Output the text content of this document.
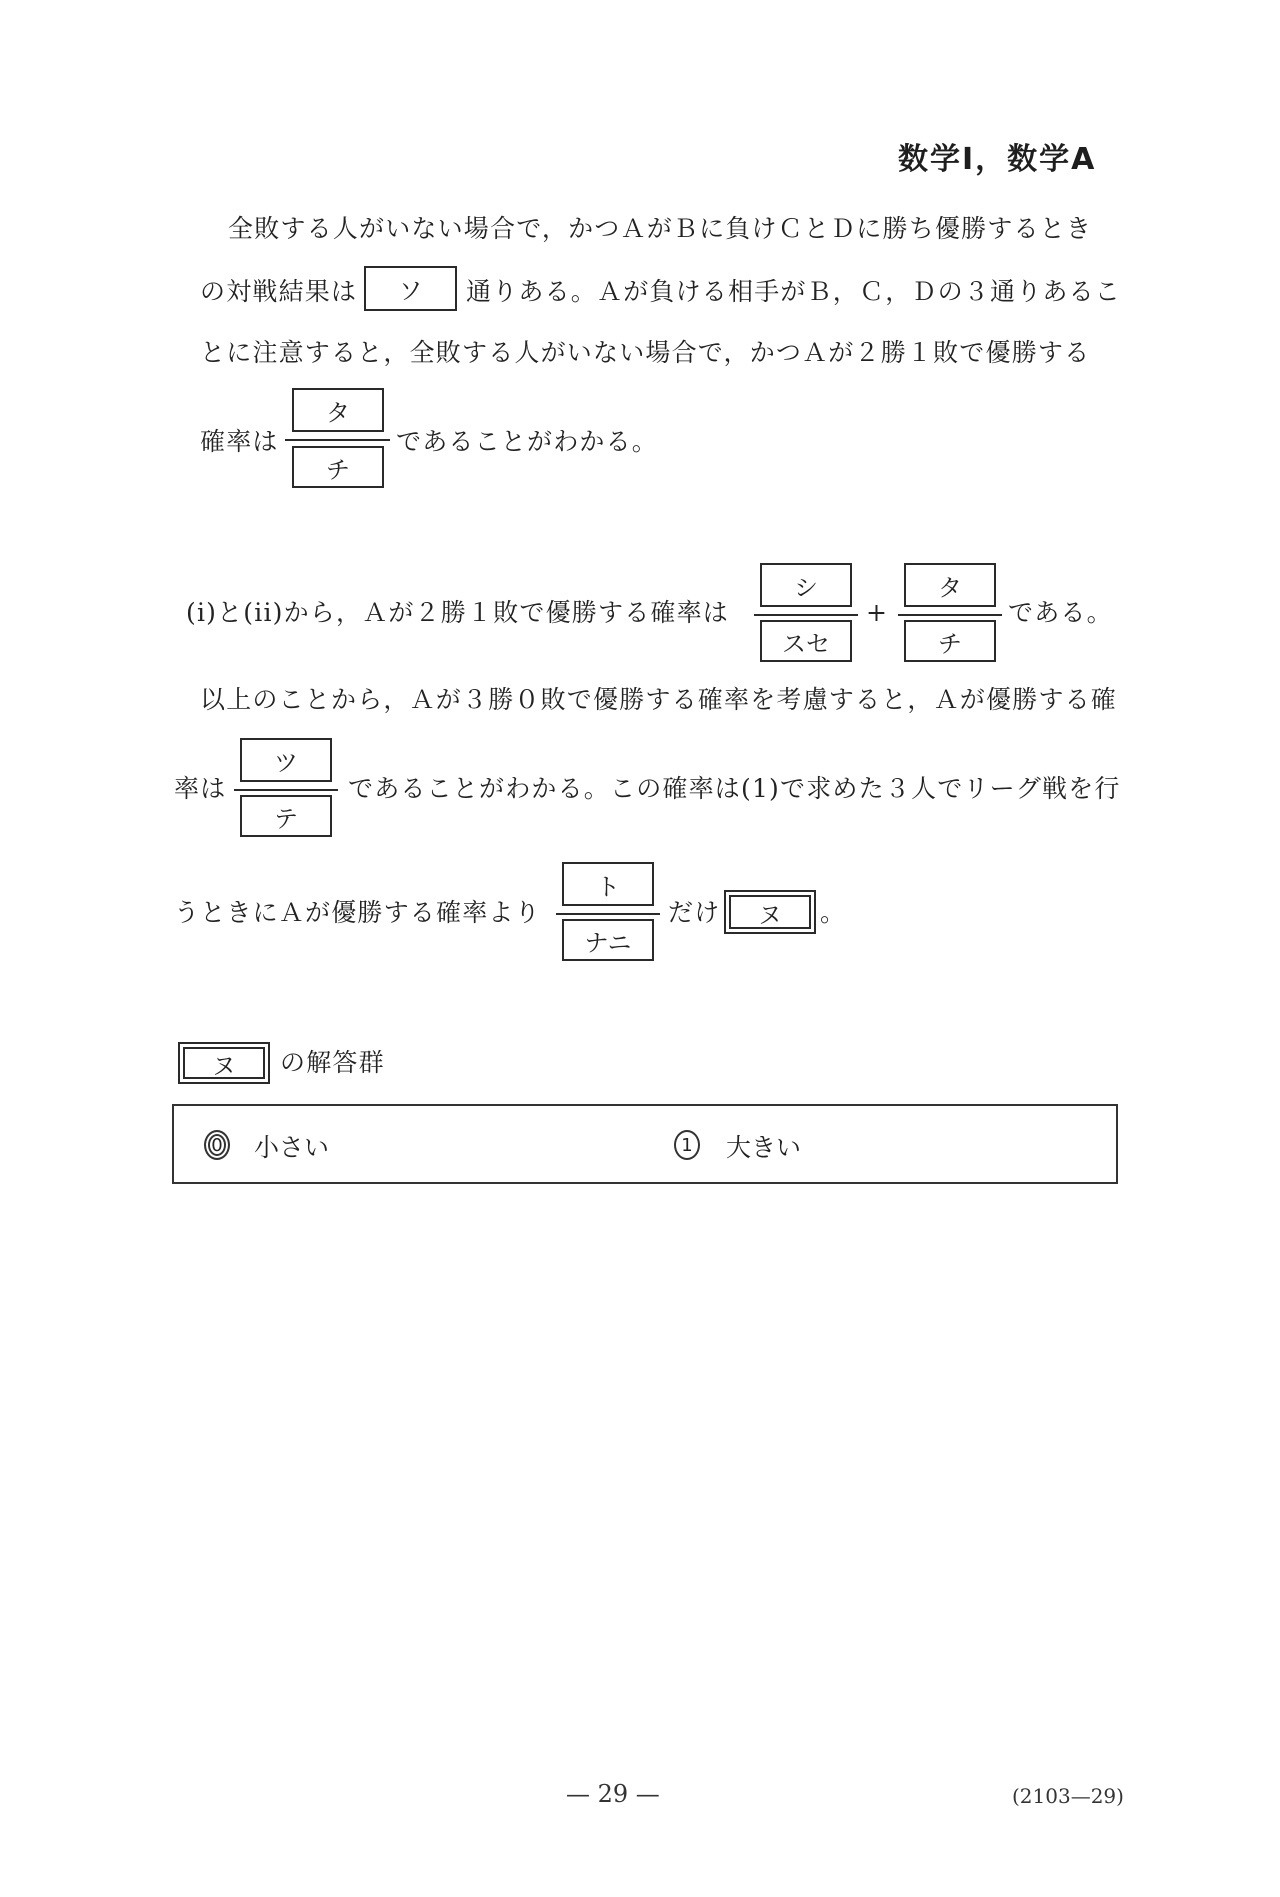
数学Ⅰ，数学A
全敗する人がいない場合で，かつＡがＢに負けＣとＤに勝ち優勝するとき
の対戦結果は	ソ	通りある。Ａが負ける相手がＢ，Ｃ，Ｄの３通りあるこ
とに注意すると，全敗する人がいない場合で，かつＡが２勝１敗で優勝する
確率は
タ
チ
であることがわかる。
(i)と(ii)から，Ａが２勝１敗で優勝する確率は
シ
スセ
+
タ
チ
である。
以上のことから，Ａが３勝０敗で優勝する確率を考慮すると，Ａが優勝する確
率は
ツ
テ
であることがわかる。この確率は(1)で求めた３人でリーグ戦を行
うときにＡが優勝する確率より
ト
ナニ
だけ	ヌ	。
ヌ	の解答群
0 小さい	1 大きい
— 29 —	(2103—29)
